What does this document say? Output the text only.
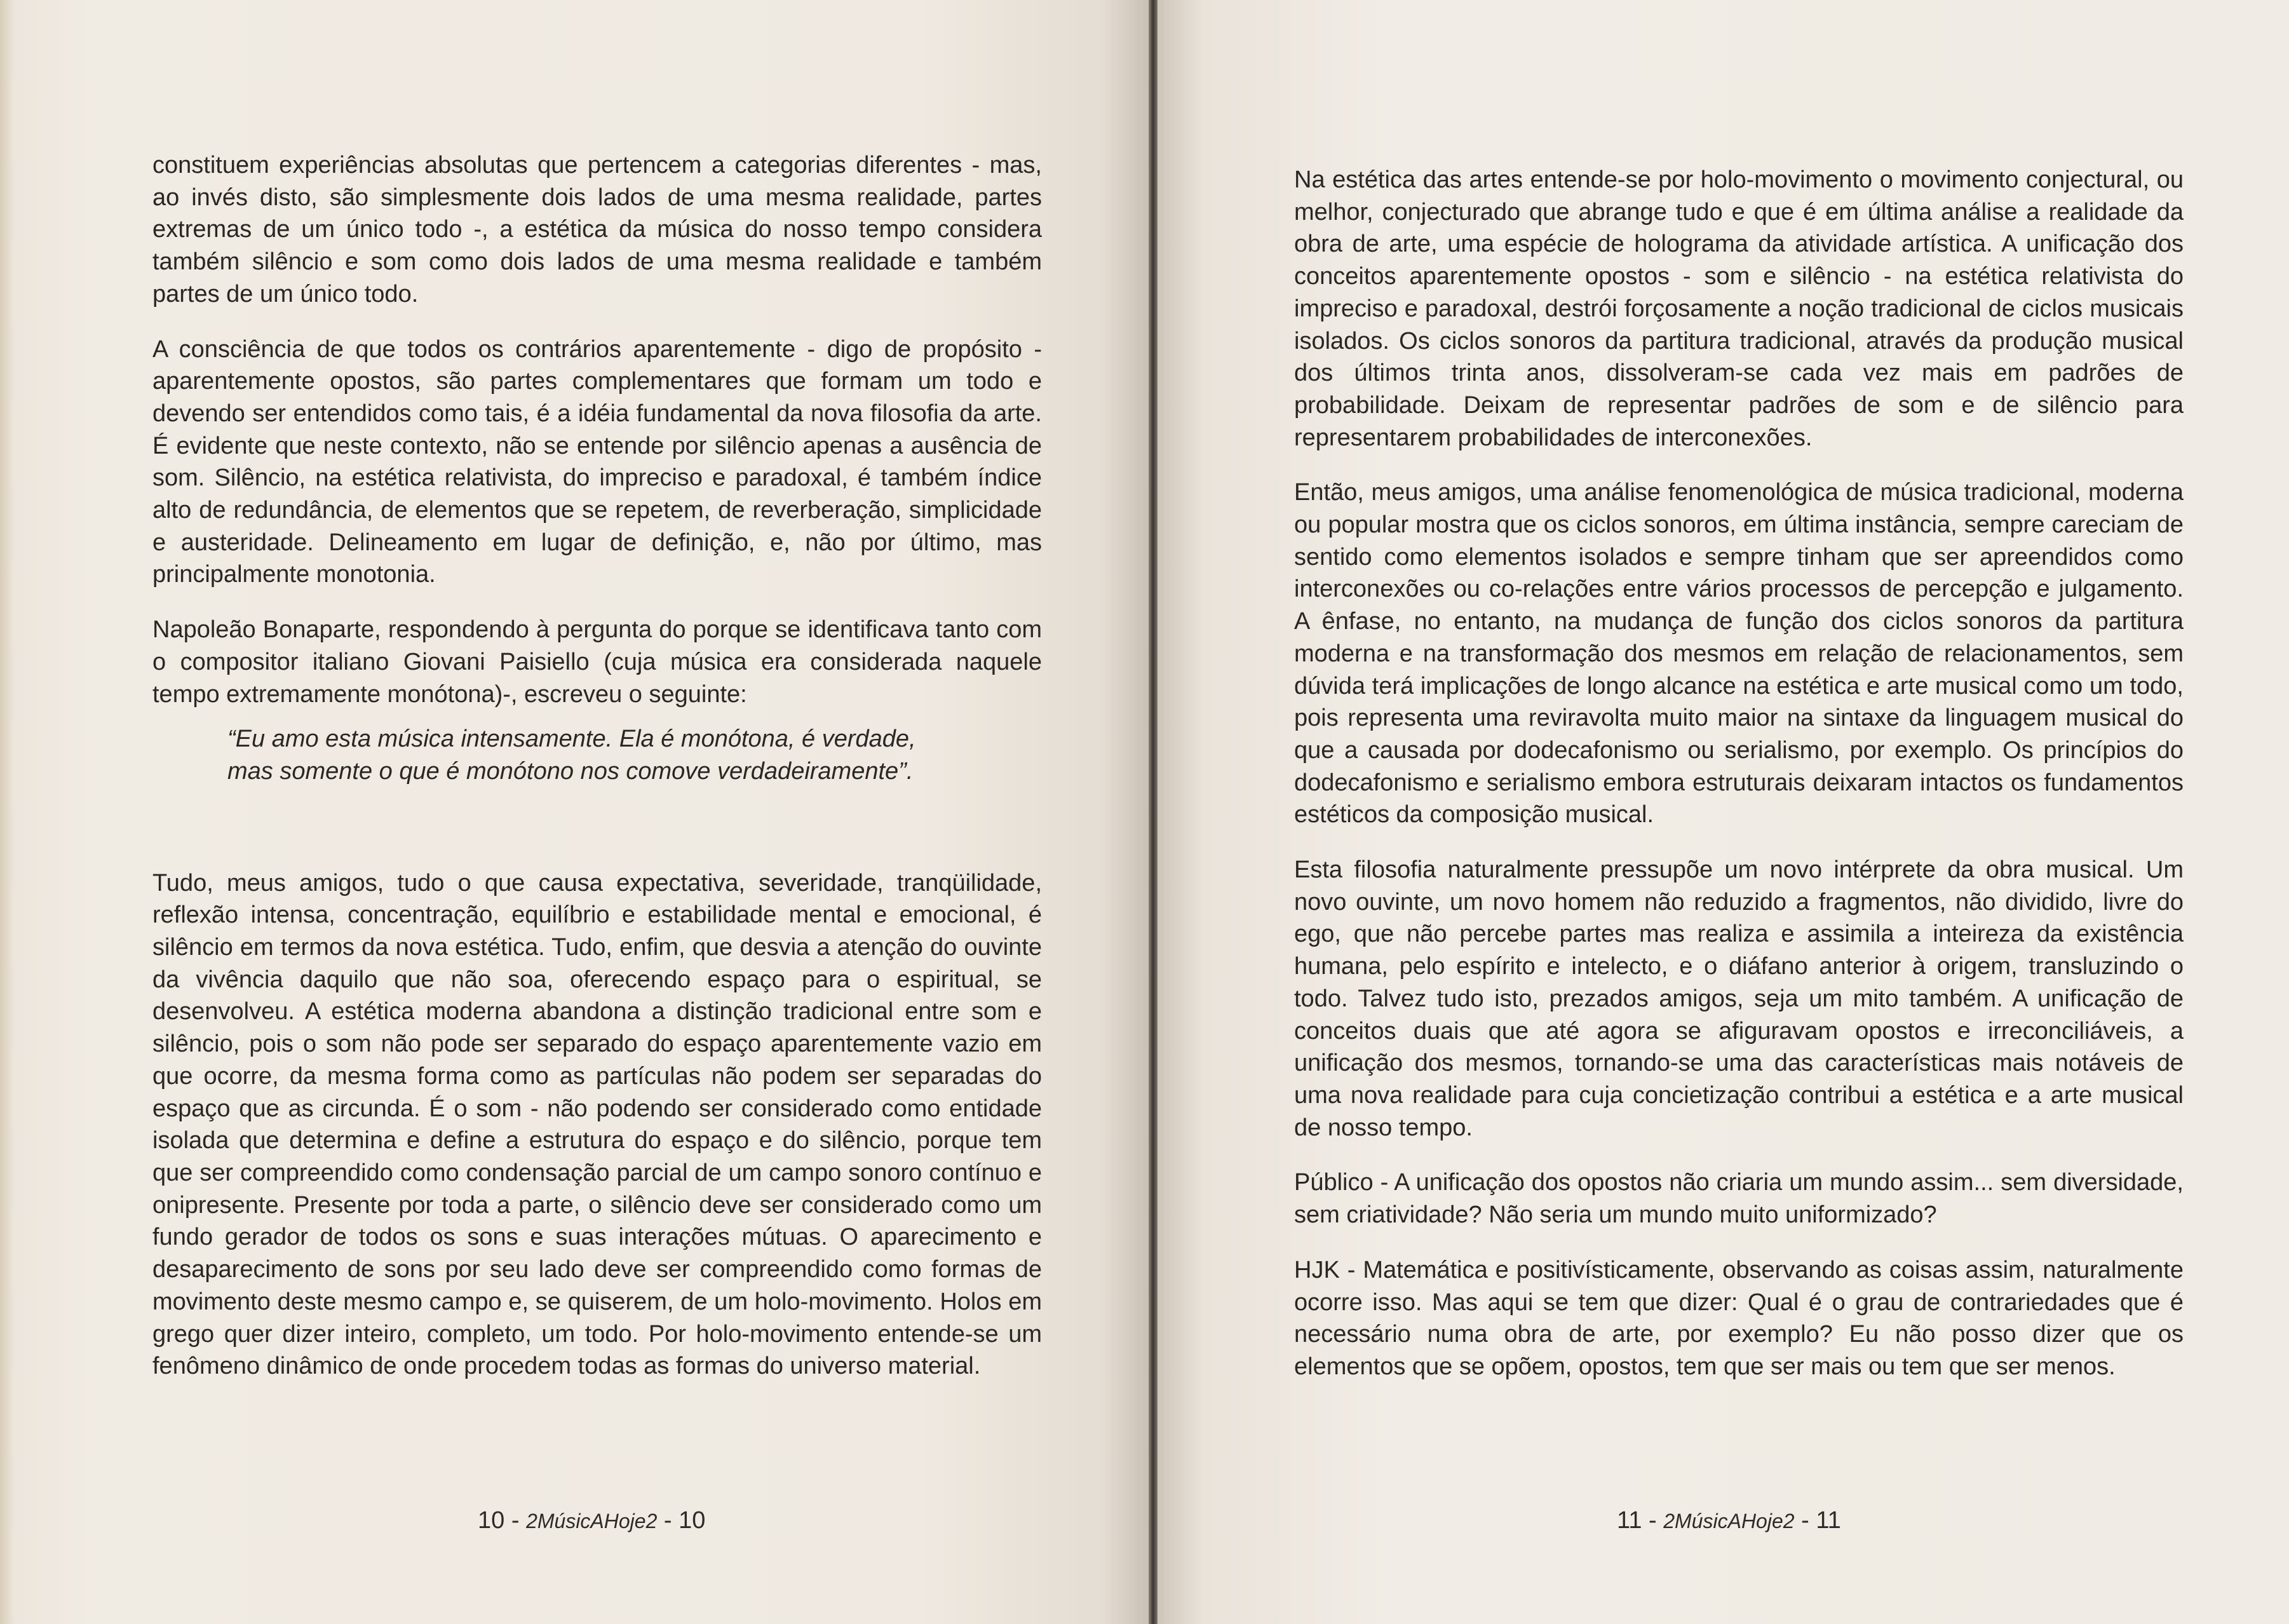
constituem experiências absolutas que pertencem a categorias diferentes - mas, ao invés disto, são simplesmente dois lados de uma mesma realidade, partes extremas de um único todo -, a estética da música do nosso tempo considera também silêncio e som como dois lados de uma mesma realidade e também partes de um único todo.

A consciência de que todos os contrários aparentemente - digo de propósito - aparentemente opostos, são partes complementares que formam um todo e devendo ser entendidos como tais, é a idéia fundamental da nova filosofia da arte. É evidente que neste contexto, não se entende por silêncio apenas a ausência de som. Silêncio, na estética relativista, do impreciso e paradoxal, é também índice alto de redundância, de elementos que se repetem, de reverberação, simplicidade e austeridade. Delineamento em lugar de definição, e, não por último, mas principalmente monotonia.

Napoleão Bonaparte, respondendo à pergunta do porque se identificava tanto com o compositor italiano Giovani Paisiello (cuja música era considerada naquele tempo extremamente monótona)-, escreveu o seguinte:

“Eu amo esta música intensamente. Ela é monótona, é verdade,
mas somente o que é monótono nos comove verdadeiramente”.

Tudo, meus amigos, tudo o que causa expectativa, severidade, tranqüilidade, reflexão intensa, concentração, equilíbrio e estabilidade mental e emocional, é silêncio em termos da nova estética. Tudo, enfim, que desvia a atenção do ouvinte da vivência daquilo que não soa, oferecendo espaço para o espiritual, se desenvolveu. A estética moderna abandona a distinção tradicional entre som e silêncio, pois o som não pode ser separado do espaço aparentemente vazio em que ocorre, da mesma forma como as partículas não podem ser separadas do espaço que as circunda. É o som - não podendo ser considerado como entidade isolada que determina e define a estrutura do espaço e do silêncio, porque tem que ser compreendido como condensação parcial de um campo sonoro contínuo e onipresente. Presente por toda a parte, o silêncio deve ser considerado como um fundo gerador de todos os sons e suas interações mútuas. O aparecimento e desaparecimento de sons por seu lado deve ser compreendido como formas de movimento deste mesmo campo e, se quiserem, de um holo-movimento. Holos em grego quer dizer inteiro, completo, um todo. Por holo-movimento entende-se um fenômeno dinâmico de onde procedem todas as formas do universo material.

10 - 2MúsicAHoje2 - 10

Na estética das artes entende-se por holo-movimento o movimento conjectural, ou melhor, conjecturado que abrange tudo e que é em última análise a realidade da obra de arte, uma espécie de holograma da atividade artística. A unificação dos conceitos aparentemente opostos - som e silêncio - na estética relativista do impreciso e paradoxal, destrói forçosamente a noção tradicional de ciclos musicais isolados. Os ciclos sonoros da partitura tradicional, através da produção musical dos últimos trinta anos, dissolveram-se cada vez mais em padrões de probabilidade. Deixam de representar padrões de som e de silêncio para representarem probabilidades de interconexões.

Então, meus amigos, uma análise fenomenológica de música tradicional, moderna ou popular mostra que os ciclos sonoros, em última instância, sempre careciam de sentido como elementos isolados e sempre tinham que ser apreendidos como interconexões ou co-relações entre vários processos de percepção e julgamento. A ênfase, no entanto, na mudança de função dos ciclos sonoros da partitura moderna e na transformação dos mesmos em relação de relacionamentos, sem dúvida terá implicações de longo alcance na estética e arte musical como um todo, pois representa uma reviravolta muito maior na sintaxe da linguagem musical do que a causada por dodecafonismo ou serialismo, por exemplo. Os princípios do dodecafonismo e serialismo embora estruturais deixaram intactos os fundamentos estéticos da composição musical.

Esta filosofia naturalmente pressupõe um novo intérprete da obra musical. Um novo ouvinte, um novo homem não reduzido a fragmentos, não dividido, livre do ego, que não percebe partes mas realiza e assimila a inteireza da existência humana, pelo espírito e intelecto, e o diáfano anterior à origem, transluzindo o todo. Talvez tudo isto, prezados amigos, seja um mito também. A unificação de conceitos duais que até agora se afiguravam opostos e irreconciliáveis, a unificação dos mesmos, tornando-se uma das características mais notáveis de uma nova realidade para cuja concietização contribui a estética e a arte musical de nosso tempo.

Público - A unificação dos opostos não criaria um mundo assim... sem diversidade, sem criatividade? Não seria um mundo muito uniformizado?

HJK - Matemática e positivísticamente, observando as coisas assim, naturalmente ocorre isso. Mas aqui se tem que dizer: Qual é o grau de contrariedades que é necessário numa obra de arte, por exemplo? Eu não posso dizer que os elementos que se opõem, opostos, tem que ser mais ou tem que ser menos.

11 - 2MúsicAHoje2 - 11
